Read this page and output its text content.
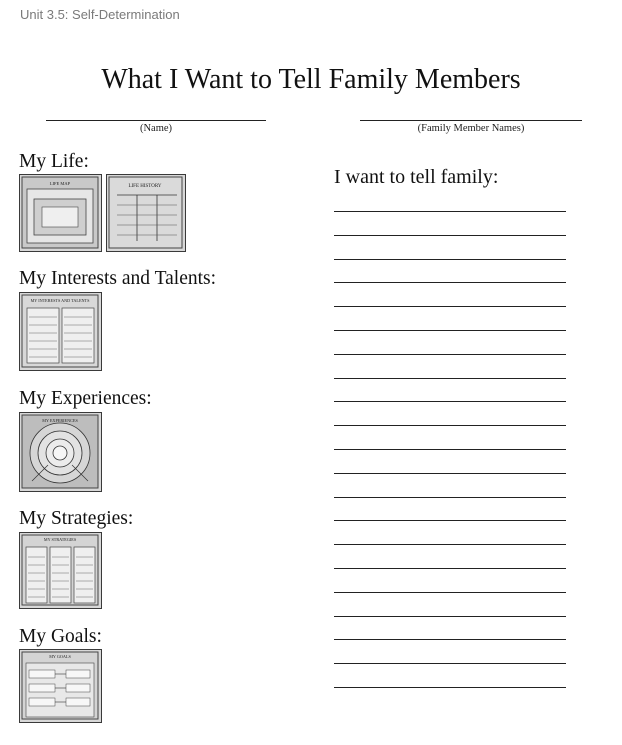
Unit 3.5: Self-Determination
What I Want to Tell Family Members
(Name)	(Family Member Names)
My Life:
LIFE MAP
LIFE HISTORY
My Interests and Talents:
MY INTERESTS AND TALENTS
My Experiences:
MY EXPERIENCES
My Strategies:
MY STRATEGIES
My Goals:
MY GOALS
I want to tell family:
